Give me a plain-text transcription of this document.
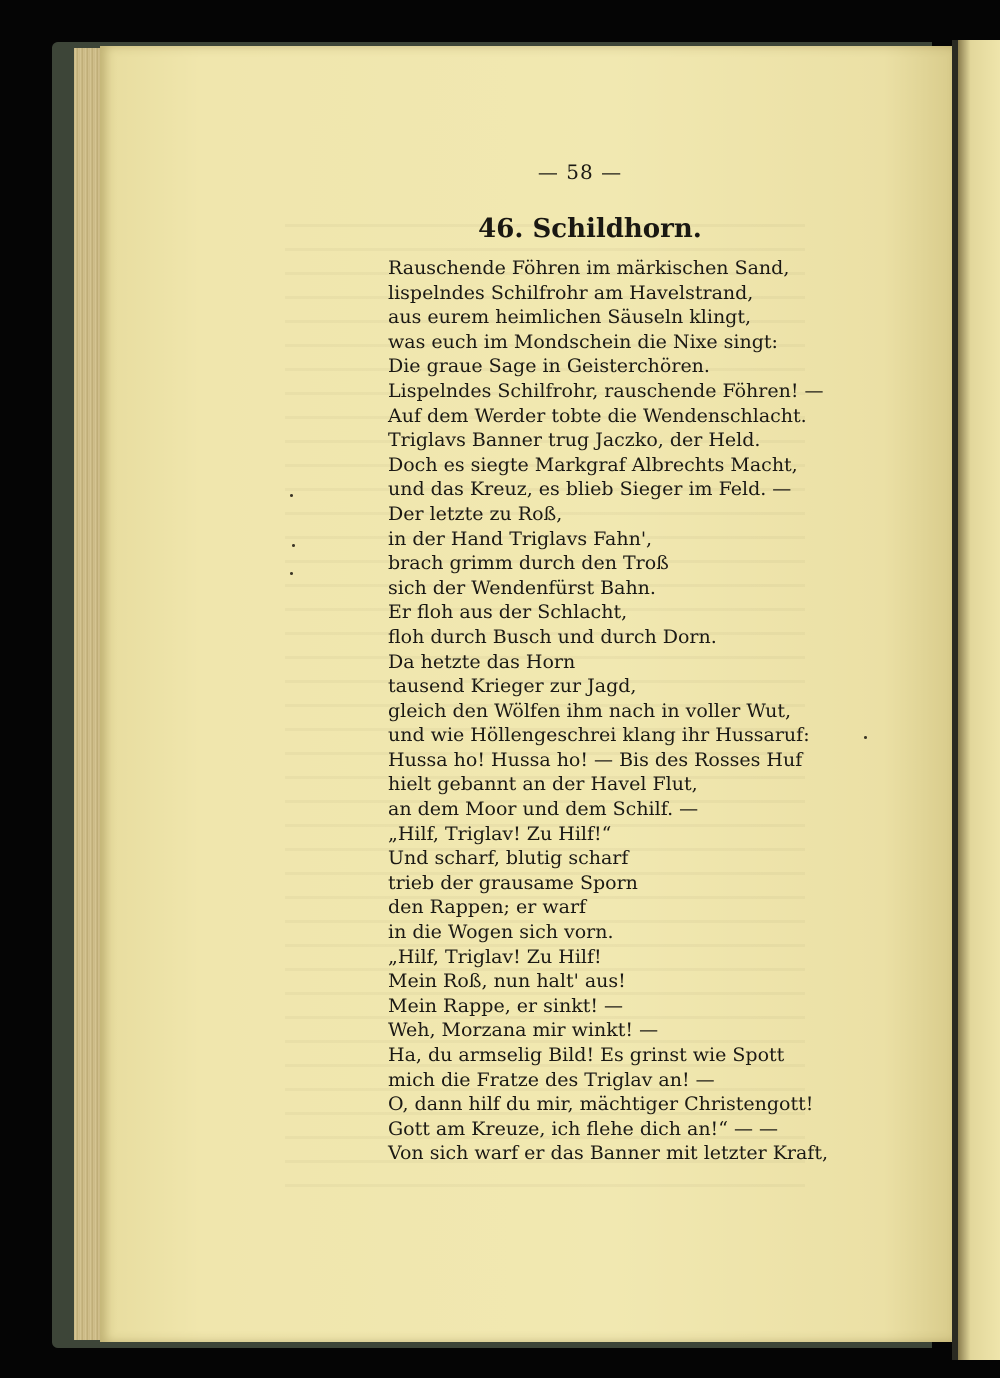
— 58 —
46. Schildhorn.
Rauschende Föhren im märkischen Sand,
lispelndes Schilfrohr am Havelstrand,
aus eurem heimlichen Säuseln klingt,
was euch im Mondschein die Nixe singt:
Die graue Sage in Geisterchören.
Lispelndes Schilfrohr, rauschende Föhren! —
Auf dem Werder tobte die Wendenschlacht.
Triglavs Banner trug Jaczko, der Held.
Doch es siegte Markgraf Albrechts Macht,
und das Kreuz, es blieb Sieger im Feld. —
Der letzte zu Roß,
in der Hand Triglavs Fahn',
brach grimm durch den Troß
sich der Wendenfürst Bahn.
Er floh aus der Schlacht,
floh durch Busch und durch Dorn.
Da hetzte das Horn
tausend Krieger zur Jagd,
gleich den Wölfen ihm nach in voller Wut,
und wie Höllengeschrei klang ihr Hussaruf:
Hussa ho! Hussa ho! — Bis des Rosses Huf
hielt gebannt an der Havel Flut,
an dem Moor und dem Schilf. —
„Hilf, Triglav! Zu Hilf!“
Und scharf, blutig scharf
trieb der grausame Sporn
den Rappen; er warf
in die Wogen sich vorn.
„Hilf, Triglav! Zu Hilf!
Mein Roß, nun halt' aus!
Mein Rappe, er sinkt! —
Weh, Morzana mir winkt! —
Ha, du armselig Bild! Es grinst wie Spott
mich die Fratze des Triglav an! —
O, dann hilf du mir, mächtiger Christengott!
Gott am Kreuze, ich flehe dich an!“ — —
Von sich warf er das Banner mit letzter Kraft,
